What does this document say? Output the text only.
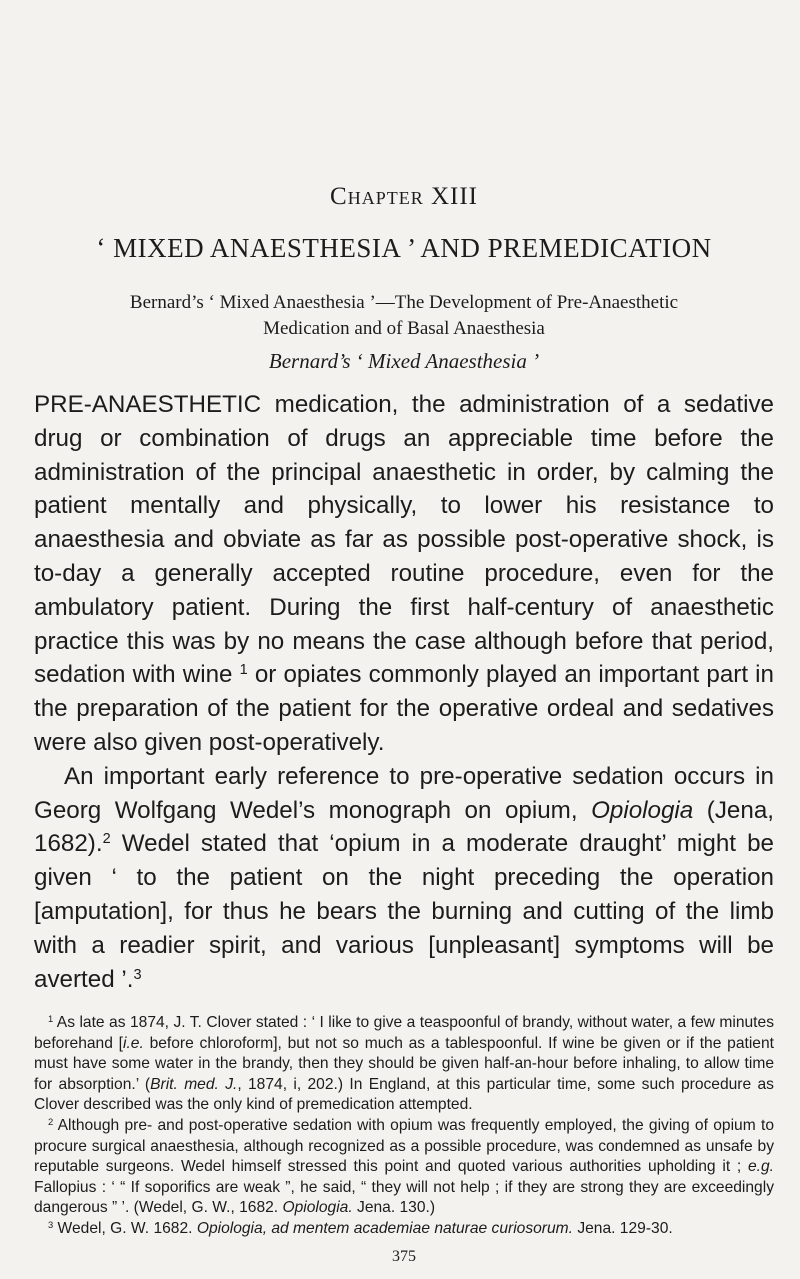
Chapter XIII
‘ MIXED ANAESTHESIA ’ AND PREMEDICATION
Bernard’s ‘ Mixed Anaesthesia ’—The Development of Pre-Anaesthetic Medication and of Basal Anaesthesia
Bernard’s ‘ Mixed Anaesthesia ’

PRE-ANAESTHETIC medication, the administration of a sedative drug or combination of drugs an appreciable time before the administration of the principal anaesthetic in order, by calming the patient mentally and physically, to lower his resistance to anaesthesia and obviate as far as possible post-operative shock, is to-day a generally accepted routine procedure, even for the ambulatory patient. During the first half-century of anaesthetic practice this was by no means the case although before that period, sedation with wine $^1$ or opiates commonly played an important part in the preparation of the patient for the operative ordeal and sedatives were also given post-operatively.

An important early reference to pre-operative sedation occurs in Georg Wolfgang Wedel’s monograph on opium, Opiologia (Jena, 1682).$^2$ Wedel stated that ‘opium in a moderate draught’ might be given ‘ to the patient on the night preceding the operation [amputation], for thus he bears the burning and cutting of the limb with a readier spirit, and various [unpleasant] symptoms will be averted ’.$^3$

$^1$ As late as 1874, J. T. Clover stated : ‘ I like to give a teaspoonful of brandy, without water, a few minutes beforehand [i.e. before chloroform], but not so much as a tablespoonful. If wine be given or if the patient must have some water in the brandy, then they should be given half-an-hour before inhaling, to allow time for absorption.’ (Brit. med. J., 1874, i, 202.) In England, at this particular time, some such procedure as Clover described was the only kind of premedication attempted.

$^2$ Although pre- and post-operative sedation with opium was frequently employed, the giving of opium to procure surgical anaesthesia, although recognized as a possible procedure, was condemned as unsafe by reputable surgeons. Wedel himself stressed this point and quoted various authorities upholding it ; e.g. Fallopius : ‘ “ If soporifics are weak ”, he said, “ they will not help ; if they are strong they are exceedingly dangerous ” ’. (Wedel, G. W., 1682. Opiologia. Jena. 130.)

$^3$ Wedel, G. W. 1682. Opiologia, ad mentem academiae naturae curiosorum. Jena. 129-30.

375
